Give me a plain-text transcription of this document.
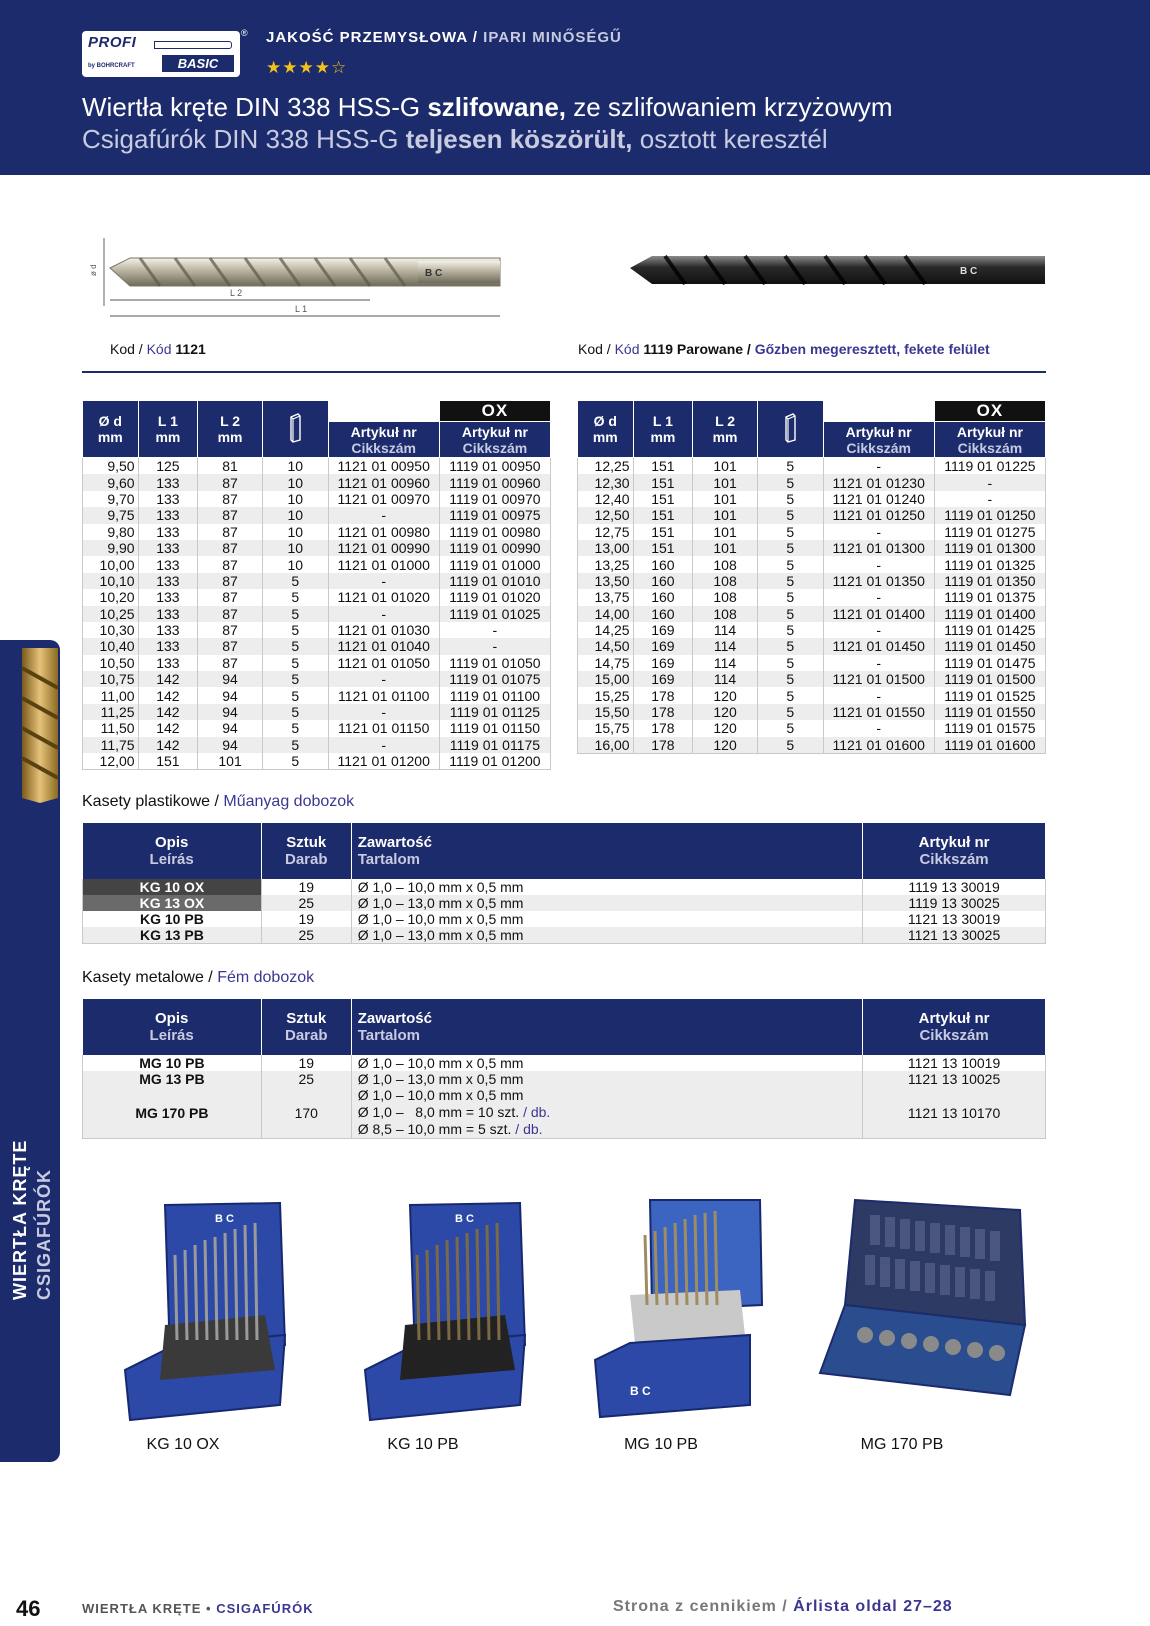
PROFI
by BOHRCRAFT	BASIC
® JAKOŚĆ PRZEMYSŁOWA / IPARI MINŐSÉGŰ
★★★★☆
Wiertła kręte DIN 338 HSS-G szlifowane, ze szlifowaniem krzyżowym
Csigafúrók DIN 338 HSS-G teljesen köszörült, osztott keresztél
B C
ø d
L 2
L 1
B C
Kod / Kód 1121	Kod / Kód 1119 Parowane / Gőzben megeresztett, fekete felület
Ø d
mm	L 1
mm	L 2
mm			OX
				Artykuł nr
Cikkszám	Artykuł nr
Cikkszám
9,50	125	81	10	1121 01 00950	1119 01 00950
9,60	133	87	10	1121 01 00960	1119 01 00960
9,70	133	87	10	1121 01 00970	1119 01 00970
9,75	133	87	10	-	1119 01 00975
9,80	133	87	10	1121 01 00980	1119 01 00980
9,90	133	87	10	1121 01 00990	1119 01 00990
10,00	133	87	10	1121 01 01000	1119 01 01000
10,10	133	87	5	-	1119 01 01010
10,20	133	87	5	1121 01 01020	1119 01 01020
10,25	133	87	5	-	1119 01 01025
10,30	133	87	5	1121 01 01030	-
10,40	133	87	5	1121 01 01040	-
10,50	133	87	5	1121 01 01050	1119 01 01050
10,75	142	94	5	-	1119 01 01075
11,00	142	94	5	1121 01 01100	1119 01 01100
11,25	142	94	5	-	1119 01 01125
11,50	142	94	5	1121 01 01150	1119 01 01150
11,75	142	94	5	-	1119 01 01175
12,00	151	101	5	1121 01 01200	1119 01 01200
Ø d
mm	L 1
mm	L 2
mm			OX
				Artykuł nr
Cikkszám	Artykuł nr
Cikkszám
12,25	151	101	5	-	1119 01 01225
12,30	151	101	5	1121 01 01230	-
12,40	151	101	5	1121 01 01240	-
12,50	151	101	5	1121 01 01250	1119 01 01250
12,75	151	101	5	-	1119 01 01275
13,00	151	101	5	1121 01 01300	1119 01 01300
13,25	160	108	5	-	1119 01 01325
13,50	160	108	5	1121 01 01350	1119 01 01350
13,75	160	108	5	-	1119 01 01375
14,00	160	108	5	1121 01 01400	1119 01 01400
14,25	169	114	5	-	1119 01 01425
14,50	169	114	5	1121 01 01450	1119 01 01450
14,75	169	114	5	-	1119 01 01475
15,00	169	114	5	1121 01 01500	1119 01 01500
15,25	178	120	5	-	1119 01 01525
15,50	178	120	5	1121 01 01550	1119 01 01550
15,75	178	120	5	-	1119 01 01575
16,00	178	120	5	1121 01 01600	1119 01 01600
Kasety plastikowe / Műanyag dobozok
Opis
Leírás	Sztuk
Darab	Zawartość
Tartalom	Artykuł nr
Cikkszám
KG 10 OX	19	Ø 1,0 – 10,0 mm x 0,5 mm	1119 13 30019
KG 13 OX	25	Ø 1,0 – 13,0 mm x 0,5 mm	1119 13 30025
KG 10 PB	19	Ø 1,0 – 10,0 mm x 0,5 mm	1121 13 30019
KG 13 PB	25	Ø 1,0 – 13,0 mm x 0,5 mm	1121 13 30025
Kasety metalowe / Fém dobozok
Opis
Leírás	Sztuk
Darab	Zawartość
Tartalom	Artykuł nr
Cikkszám
MG 10 PB	19	Ø 1,0 – 10,0 mm x 0,5 mm	1121 13 10019
MG 13 PB	25	Ø 1,0 – 13,0 mm x 0,5 mm	1121 13 10025
MG 170 PB	170	Ø 1,0 – 10,0 mm x 0,5 mm
Ø 1,0 –   8,0 mm = 10 szt. / db.
Ø 8,5 – 10,0 mm = 5 szt. / db.	1121 13 10170
B C	B C
B C
KG 10 OX	KG 10 PB	MG 10 PB	MG 170 PB
WIERTŁA KRĘTE CSIGAFÚRÓK
46	WIERTŁA KRĘTE • CSIGAFÚRÓK	Strona z cennikiem / Árlista oldal 27–28
